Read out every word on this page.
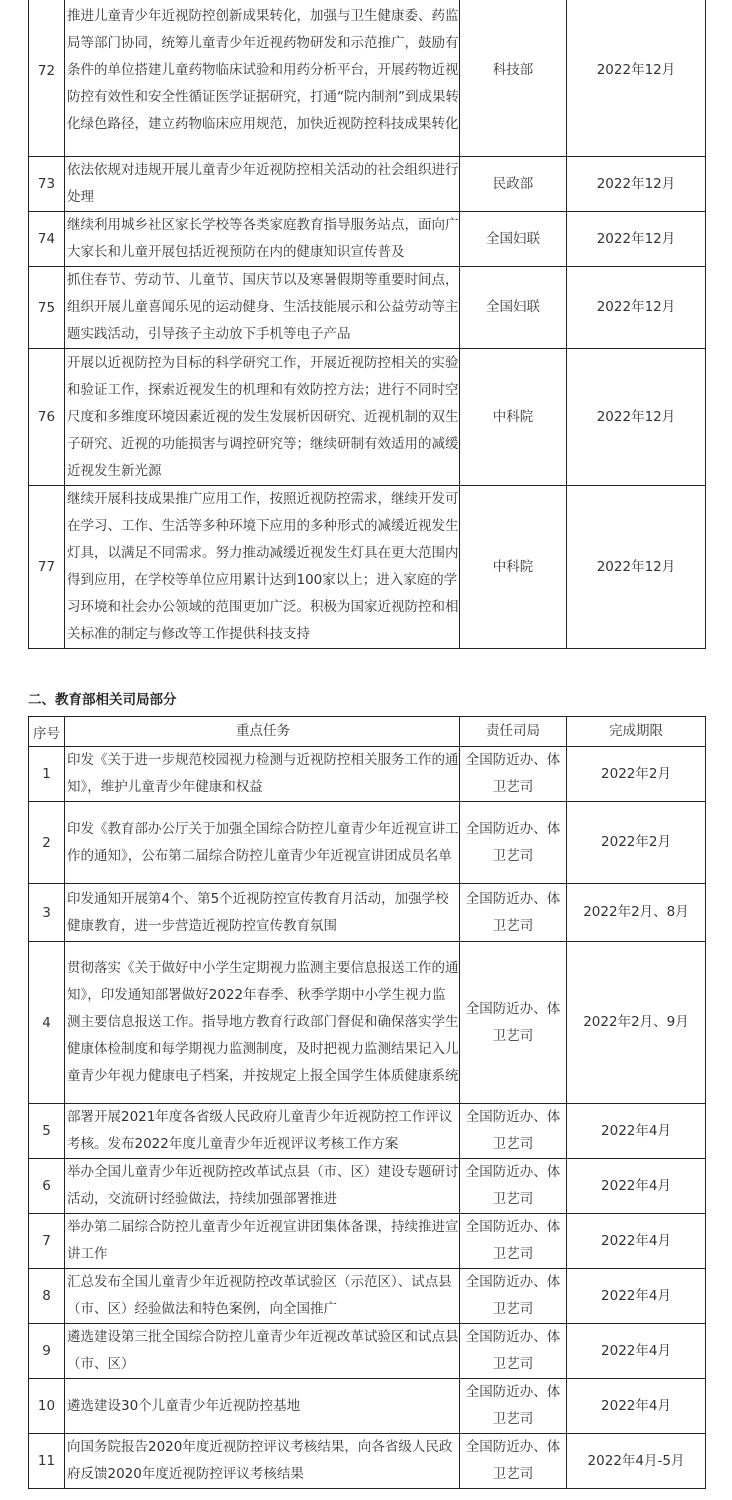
72	推进儿童青少年近视防控创新成果转化，加强与卫生健康委、药监局等部门协同，统筹儿童青少年近视药物研发和示范推广，鼓励有条件的单位搭建儿童药物临床试验和用药分析平台，开展药物近视防控有效性和安全性循证医学证据研究，打通“院内制剂”到成果转化绿色路径，建立药物临床应用规范，加快近视防控科技成果转化	科技部	2022年12月
73	依法依规对违规开展儿童青少年近视防控相关活动的社会组织进行处理	民政部	2022年12月
74	继续利用城乡社区家长学校等各类家庭教育指导服务站点，面向广大家长和儿童开展包括近视预防在内的健康知识宣传普及	全国妇联	2022年12月
75	抓住春节、劳动节、儿童节、国庆节以及寒暑假期等重要时间点，组织开展儿童喜闻乐见的运动健身、生活技能展示和公益劳动等主题实践活动，引导孩子主动放下手机等电子产品	全国妇联	2022年12月
76	开展以近视防控为目标的科学研究工作，开展近视防控相关的实验和验证工作，探索近视发生的机理和有效防控方法；进行不同时空尺度和多维度环境因素近视的发生发展析因研究、近视机制的双生子研究、近视的功能损害与调控研究等；继续研制有效适用的减缓近视发生新光源	中科院	2022年12月
77	继续开展科技成果推广应用工作，按照近视防控需求，继续开发可在学习、工作、生活等多种环境下应用的多种形式的减缓近视发生灯具，以满足不同需求。努力推动减缓近视发生灯具在更大范围内得到应用，在学校等单位应用累计达到100家以上；进入家庭的学习环境和社会办公领域的范围更加广泛。积极为国家近视防控和相关标准的制定与修改等工作提供科技支持	中科院	2022年12月
二、教育部相关司局部分
序号	重点任务	责任司局	完成期限
1	印发《关于进一步规范校园视力检测与近视防控相关服务工作的通知》，维护儿童青少年健康和权益	全国防近办、体卫艺司	2022年2月
2	印发《教育部办公厅关于加强全国综合防控儿童青少年近视宣讲工作的通知》，公布第二届综合防控儿童青少年近视宣讲团成员名单	全国防近办、体卫艺司	2022年2月
3	印发通知开展第4个、第5个近视防控宣传教育月活动，加强学校健康教育，进一步营造近视防控宣传教育氛围	全国防近办、体卫艺司	2022年2月、8月
4	贯彻落实《关于做好中小学生定期视力监测主要信息报送工作的通知》，印发通知部署做好2022年春季、秋季学期中小学生视力监测主要信息报送工作。指导地方教育行政部门督促和确保落实学生健康体检制度和每学期视力监测制度，及时把视力监测结果记入儿童青少年视力健康电子档案，并按规定上报全国学生体质健康系统	全国防近办、体卫艺司	2022年2月、9月
5	部署开展2021年度各省级人民政府儿童青少年近视防控工作评议考核。发布2022年度儿童青少年近视评议考核工作方案	全国防近办、体卫艺司	2022年4月
6	举办全国儿童青少年近视防控改革试点县（市、区）建设专题研讨活动，交流研讨经验做法，持续加强部署推进	全国防近办、体卫艺司	2022年4月
7	举办第二届综合防控儿童青少年近视宣讲团集体备课，持续推进宣讲工作	全国防近办、体卫艺司	2022年4月
8	汇总发布全国儿童青少年近视防控改革试验区（示范区）、试点县（市、区）经验做法和特色案例，向全国推广	全国防近办、体卫艺司	2022年4月
9	遴选建设第三批全国综合防控儿童青少年近视改革试验区和试点县（市、区）	全国防近办、体卫艺司	2022年4月
10	遴选建设30个儿童青少年近视防控基地	全国防近办、体卫艺司	2022年4月
11	向国务院报告2020年度近视防控评议考核结果，向各省级人民政府反馈2020年度近视防控评议考核结果	全国防近办、体卫艺司	2022年4月-5月
